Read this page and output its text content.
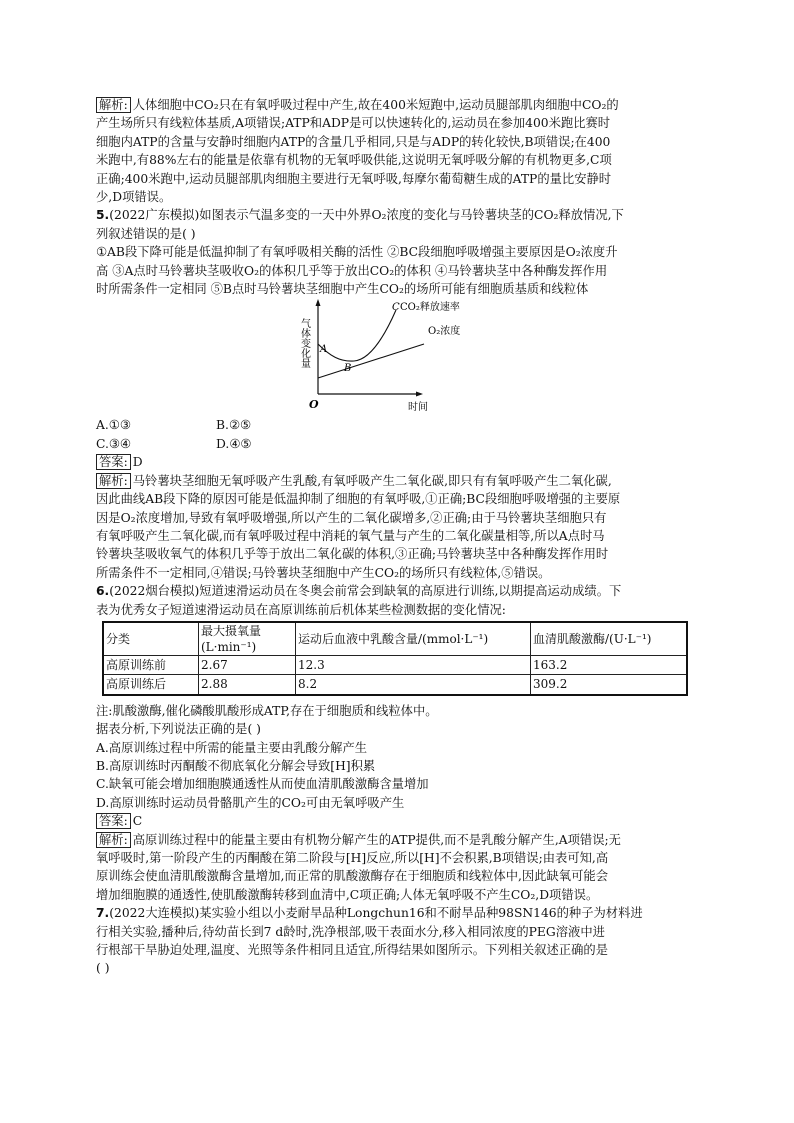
解析: 人体细胞中CO₂只在有氧呼吸过程中产生,故在400米短跑中,运动员腿部肌肉细胞中CO₂的

产生场所只有线粒体基质,A项错误;ATP和ADP是可以快速转化的,运动员在参加400米跑比赛时

细胞内ATP的含量与安静时细胞内ATP的含量几乎相同,只是与ADP的转化较快,B项错误;在400

米跑中,有88%左右的能量是依靠有机物的无氧呼吸供能,这说明无氧呼吸分解的有机物更多,C项

正确;400米跑中,运动员腿部肌肉细胞主要进行无氧呼吸,每摩尔葡萄糖生成的ATP的量比安静时

少,D项错误。

5.(2022广东模拟)如图表示气温多变的一天中外界O₂浓度的变化与马铃薯块茎的CO₂释放情况,下

列叙述错误的是( )

①AB段下降可能是低温抑制了有氧呼吸相关酶的活性 ②BC段细胞呼吸增强主要原因是O₂浓度升

高 ③A点时马铃薯块茎吸收O₂的体积几乎等于放出CO₂的体积 ④马铃薯块茎中各种酶发挥作用

时所需条件一定相同 ⑤B点时马铃薯块茎细胞中产生CO₂的场所可能有细胞质基质和线粒体

气体变化量
时间
O
A
B
C CO₂释放速率
O₂浓度
A.①③	B.②⑤
C.③④	D.④⑤

答案: D

解析: 马铃薯块茎细胞无氧呼吸产生乳酸,有氧呼吸产生二氧化碳,即只有有氧呼吸产生二氧化碳,

因此曲线AB段下降的原因可能是低温抑制了细胞的有氧呼吸,①正确;BC段细胞呼吸增强的主要原

因是O₂浓度增加,导致有氧呼吸增强,所以产生的二氧化碳增多,②正确;由于马铃薯块茎细胞只有

有氧呼吸产生二氧化碳,而有氧呼吸过程中消耗的氧气量与产生的二氧化碳量相等,所以A点时马

铃薯块茎吸收氧气的体积几乎等于放出二氧化碳的体积,③正确;马铃薯块茎中各种酶发挥作用时

所需条件不一定相同,④错误;马铃薯块茎细胞中产生CO₂的场所只有线粒体,⑤错误。

6.(2022烟台模拟)短道速滑运动员在冬奥会前常会到缺氧的高原进行训练,以期提高运动成绩。下

表为优秀女子短道速滑运动员在高原训练前后机体某些检测数据的变化情况:

分类	最大摄氧量
(L·min⁻¹)	运动后血液中乳酸含量/(mmol·L⁻¹)	血清肌酸激酶/(U·L⁻¹)
高原训练前	2.67	12.3	163.2
高原训练后	2.88	8.2	309.2

注:肌酸激酶,催化磷酸肌酸形成ATP,存在于细胞质和线粒体中。

据表分析,下列说法正确的是( )

A.高原训练过程中所需的能量主要由乳酸分解产生

B.高原训练时丙酮酸不彻底氧化分解会导致[H]积累

C.缺氧可能会增加细胞膜通透性从而使血清肌酸激酶含量增加

D.高原训练时运动员骨骼肌产生的CO₂可由无氧呼吸产生

答案: C

解析: 高原训练过程中的能量主要由有机物分解产生的ATP提供,而不是乳酸分解产生,A项错误;无

氧呼吸时,第一阶段产生的丙酮酸在第二阶段与[H]反应,所以[H]不会积累,B项错误;由表可知,高

原训练会使血清肌酸激酶含量增加,而正常的肌酸激酶存在于细胞质和线粒体中,因此缺氧可能会

增加细胞膜的通透性,使肌酸激酶转移到血清中,C项正确;人体无氧呼吸不产生CO₂,D项错误。

7.(2022大连模拟)某实验小组以小麦耐旱品种Longchun16和不耐旱品种98SN146的种子为材料进

行相关实验,播种后,待幼苗长到7 d龄时,洗净根部,吸干表面水分,移入相同浓度的PEG溶液中进

行根部干旱胁迫处理,温度、光照等条件相同且适宜,所得结果如图所示。下列相关叙述正确的是

( )
